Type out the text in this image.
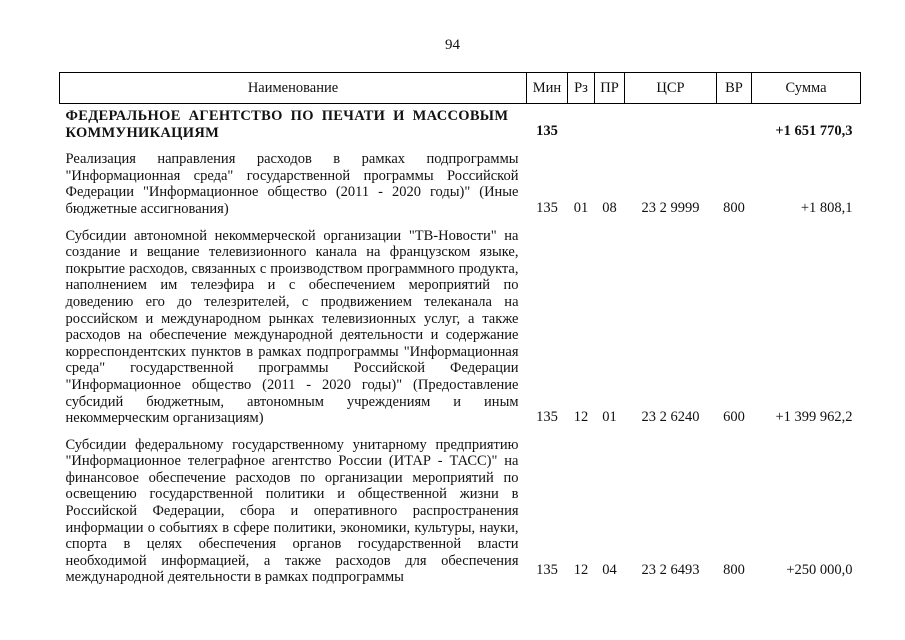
94
Наименование	Мин	Рз	ПР	ЦСР	ВР	Сумма
ФЕДЕРАЛЬНОЕ АГЕНТСТВО ПО ПЕЧАТИ И МАССОВЫМ КОММУНИКАЦИЯМ	135					+1 651 770,3
Реализация направления расходов в рамках подпрограммы "Информационная среда" государственной программы Российской Федерации "Информационное общество (2011 - 2020 годы)" (Иные бюджетные ассигнования)	135	01	08	23 2 9999	800	+1 808,1
Субсидии автономной некоммерческой организации "ТВ-Новости" на создание и вещание телевизионного канала на французском языке, покрытие расходов, связанных с производством программного продукта, наполнением им телеэфира и с обеспечением мероприятий по доведению его до телезрителей, с продвижением телеканала на российском и международном рынках телевизионных услуг, а также расходов на обеспечение международной деятельности и содержание корреспондентских пунктов в рамках подпрограммы "Информационная среда" государственной программы Российской Федерации "Информационное общество (2011 - 2020 годы)" (Предоставление субсидий бюджетным, автономным учреждениям и иным некоммерческим организациям)	135	12	01	23 2 6240	600	+1 399 962,2
Субсидии федеральному государственному унитарному предприятию "Информационное телеграфное агентство России (ИТАР - ТАСС)" на финансовое обеспечение расходов по организации мероприятий по освещению государственной политики и общественной жизни в Российской Федерации, сбора и оперативного распространения информации о событиях в сфере политики, экономики, культуры, науки, спорта в целях обеспечения органов государственной власти необходимой информацией, а также расходов для обеспечения международной деятельности в рамках подпрограммы	135	12	04	23 2 6493	800	+250 000,0
